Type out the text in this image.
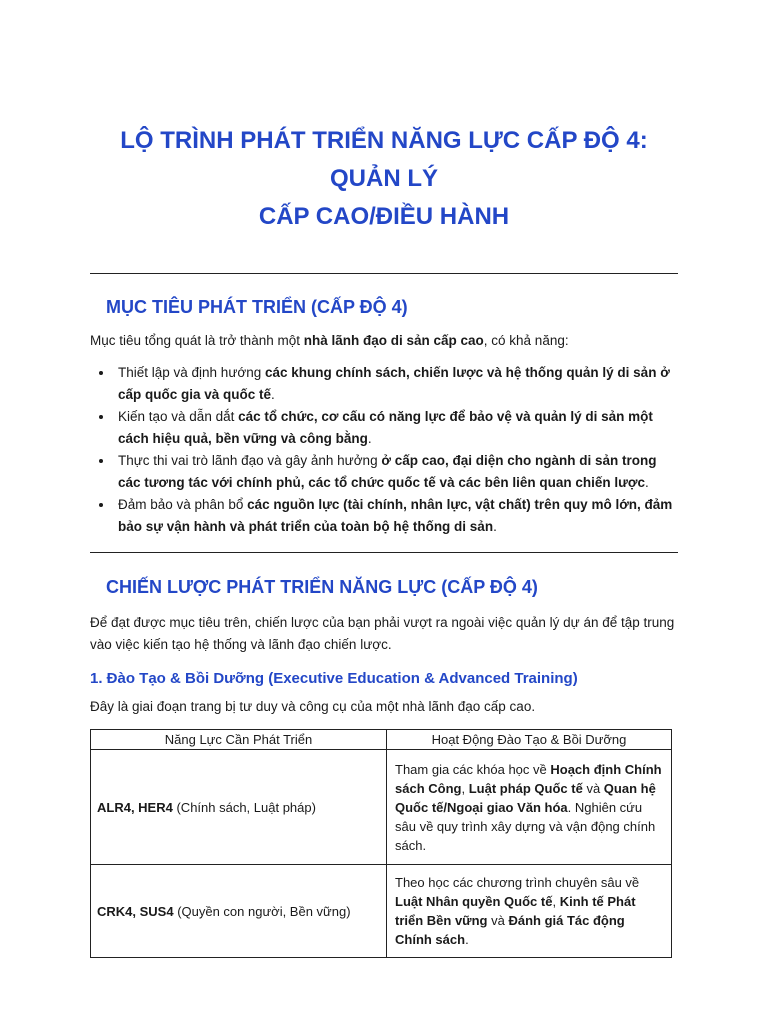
LỘ TRÌNH PHÁT TRIỂN NĂNG LỰC CẤP ĐỘ 4: QUẢN LÝ
CẤP CAO/ĐIỀU HÀNH
MỤC TIÊU PHÁT TRIỂN (CẤP ĐỘ 4)

Mục tiêu tổng quát là trở thành một nhà lãnh đạo di sản cấp cao, có khả năng:

• Thiết lập và định hướng các khung chính sách, chiến lược và hệ thống quản lý di sản ở cấp quốc gia và quốc tế.
• Kiến tạo và dẫn dắt các tổ chức, cơ cấu có năng lực để bảo vệ và quản lý di sản một cách hiệu quả, bền vững và công bằng.
• Thực thi vai trò lãnh đạo và gây ảnh hưởng ở cấp cao, đại diện cho ngành di sản trong các tương tác với chính phủ, các tổ chức quốc tế và các bên liên quan chiến lược.
• Đảm bảo và phân bổ các nguồn lực (tài chính, nhân lực, vật chất) trên quy mô lớn, đảm bảo sự vận hành và phát triển của toàn bộ hệ thống di sản.
CHIẾN LƯỢC PHÁT TRIỂN NĂNG LỰC (CẤP ĐỘ 4)

Để đạt được mục tiêu trên, chiến lược của bạn phải vượt ra ngoài việc quản lý dự án để tập trung vào việc kiến tạo hệ thống và lãnh đạo chiến lược.

1. Đào Tạo & Bồi Dưỡng (Executive Education & Advanced Training)

Đây là giai đoạn trang bị tư duy và công cụ của một nhà lãnh đạo cấp cao.

Năng Lực Cần Phát Triển	Hoạt Động Đào Tạo & Bồi Dưỡng
ALR4, HER4 (Chính sách, Luật pháp)	Tham gia các khóa học về Hoạch định Chính sách Công, Luật pháp Quốc tế và Quan hệ Quốc tế/Ngoại giao Văn hóa. Nghiên cứu sâu về quy trình xây dựng và vận động chính sách.
CRK4, SUS4 (Quyền con người, Bền vững)	Theo học các chương trình chuyên sâu về Luật Nhân quyền Quốc tế, Kinh tế Phát triển Bền vững và Đánh giá Tác động Chính sách.
